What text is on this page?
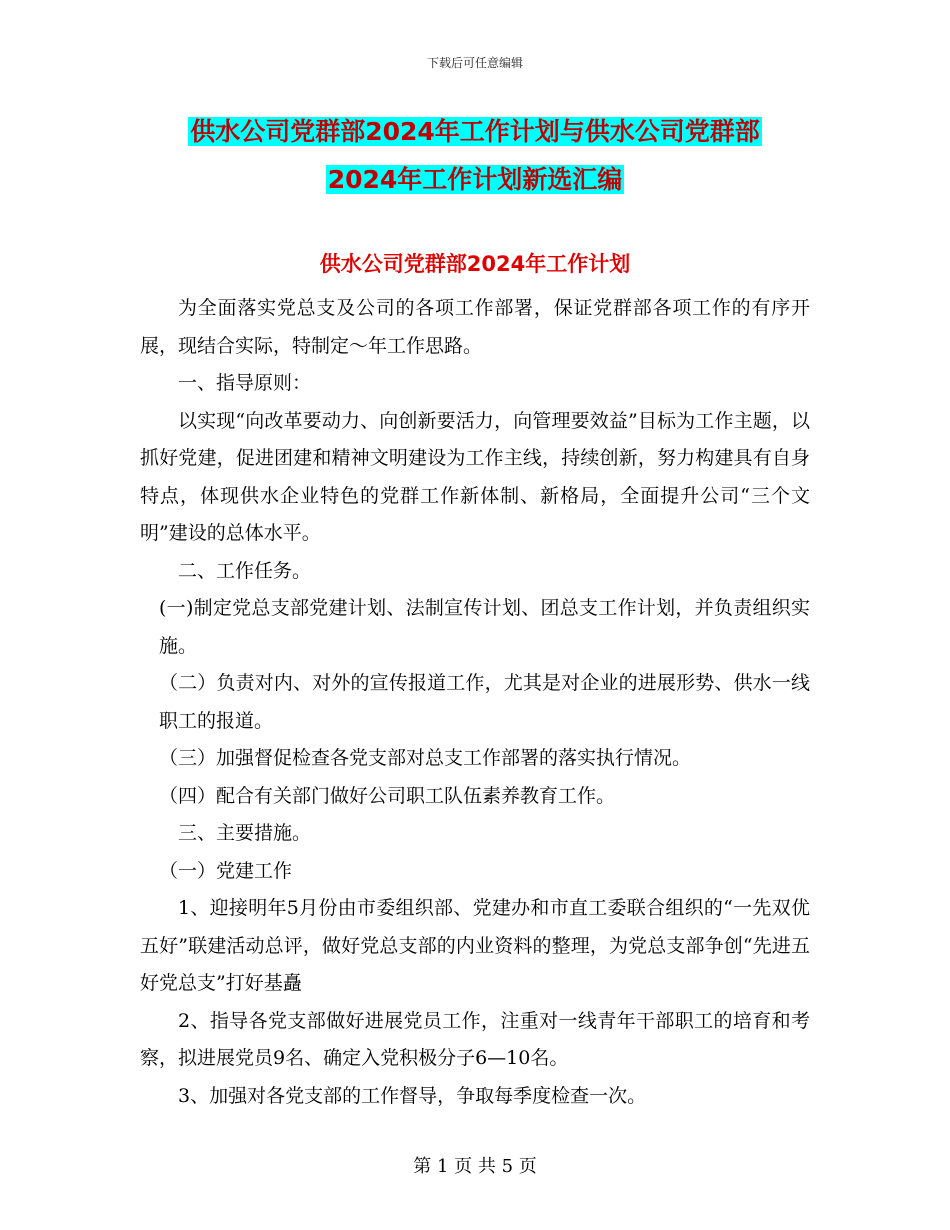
下载后可任意编辑
供水公司党群部2024年工作计划与供水公司党群部
2024年工作计划新选汇编
供水公司党群部2024年工作计划

为全面落实党总支及公司的各项工作部署，保证党群部各项工作的有序开展，现结合实际，特制定～年工作思路。

一、指导原则：

以实现“向改革要动力、向创新要活力，向管理要效益”目标为工作主题，以抓好党建，促进团建和精神文明建设为工作主线，持续创新，努力构建具有自身特点，体现供水企业特色的党群工作新体制、新格局，全面提升公司“三个文明”建设的总体水平。

二、工作任务。

(一)制定党总支部党建计划、法制宣传计划、团总支工作计划，并负责组织实施。

（二）负责对内、对外的宣传报道工作，尤其是对企业的进展形势、供水一线职工的报道。

（三）加强督促检查各党支部对总支工作部署的落实执行情况。

（四）配合有关部门做好公司职工队伍素养教育工作。

三、主要措施。

（一）党建工作

1、迎接明年5月份由市委组织部、党建办和市直工委联合组织的“一先双优五好”联建活动总评，做好党总支部的内业资料的整理，为党总支部争创“先进五好党总支”打好基矗

2、指导各党支部做好进展党员工作，注重对一线青年干部职工的培育和考察，拟进展党员9名、确定入党积极分子6—10名。

3、加强对各党支部的工作督导，争取每季度检查一次。

第 1 页 共 5 页
